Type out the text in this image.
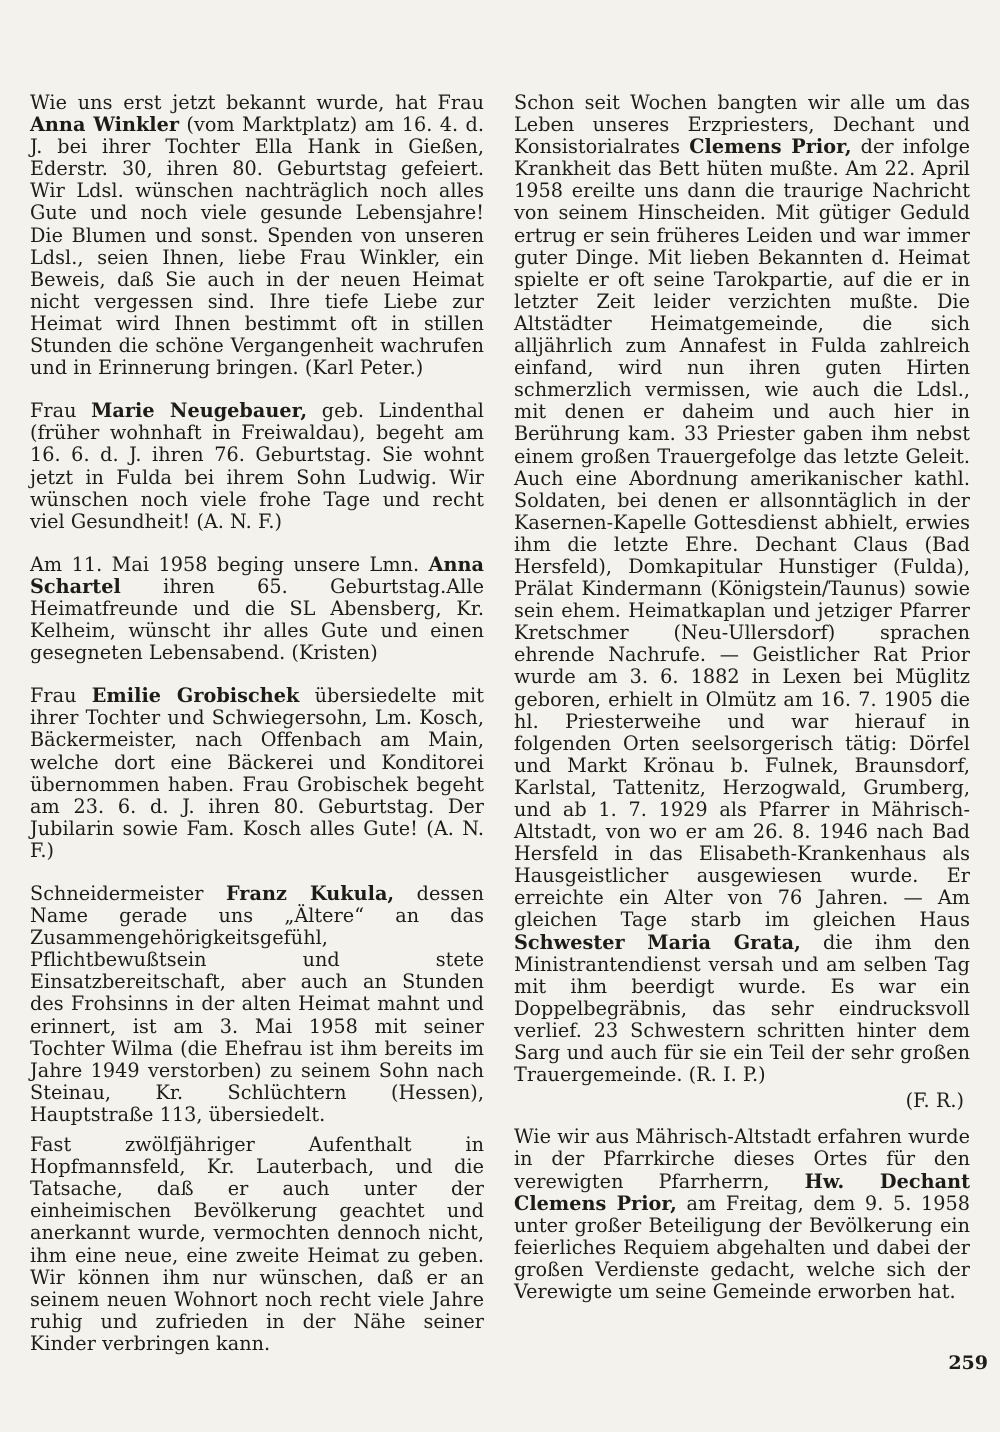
Wie uns erst jetzt bekannt wurde, hat Frau Anna Winkler (vom Marktplatz) am 16. 4. d. J. bei ihrer Tochter Ella Hank in Gießen, Ederstr. 30, ihren 80. Geburtstag gefeiert. Wir Ldsl. wünschen nachträglich noch alles Gute und noch viele gesunde Lebensjahre! Die Blumen und sonst. Spenden von unseren Ldsl., seien Ihnen, liebe Frau Winkler, ein Beweis, daß Sie auch in der neuen Heimat nicht vergessen sind. Ihre tiefe Liebe zur Heimat wird Ihnen bestimmt oft in stillen Stunden die schöne Vergangenheit wachrufen und in Erinnerung bringen. (Karl Peter.)

Frau Marie Neugebauer, geb. Lindenthal (früher wohnhaft in Freiwaldau), begeht am 16. 6. d. J. ihren 76. Geburtstag. Sie wohnt jetzt in Fulda bei ihrem Sohn Ludwig. Wir wünschen noch viele frohe Tage und recht viel Gesundheit! (A. N. F.)

Am 11. Mai 1958 beging unsere Lmn. Anna Schartel ihren 65. Geburtstag.Alle Heimatfreunde und die SL Abensberg, Kr. Kelheim, wünscht ihr alles Gute und einen gesegneten Lebensabend. (Kristen)

Frau Emilie Grobischek übersiedelte mit ihrer Tochter und Schwiegersohn, Lm. Kosch, Bäckermeister, nach Offenbach am Main, welche dort eine Bäckerei und Konditorei übernommen haben. Frau Grobischek begeht am 23. 6. d. J. ihren 80. Geburtstag. Der Jubilarin sowie Fam. Kosch alles Gute! (A. N. F.)

Schneidermeister Franz Kukula, dessen Name gerade uns „Ältere“ an das Zusammengehörigkeitsgefühl, Pflichtbewußtsein und stete Einsatzbereitschaft, aber auch an Stunden des Frohsinns in der alten Heimat mahnt und erinnert, ist am 3. Mai 1958 mit seiner Tochter Wilma (die Ehefrau ist ihm bereits im Jahre 1949 verstorben) zu seinem Sohn nach Steinau, Kr. Schlüchtern (Hessen), Hauptstraße 113, übersiedelt.

Fast zwölfjähriger Aufenthalt in Hopfmannsfeld, Kr. Lauterbach, und die Tatsache, daß er auch unter der einheimischen Bevölkerung geachtet und anerkannt wurde, vermochten dennoch nicht, ihm eine neue, eine zweite Heimat zu geben. Wir können ihm nur wünschen, daß er an seinem neuen Wohnort noch recht viele Jahre ruhig und zufrieden in der Nähe seiner Kinder verbringen kann.

Schon seit Wochen bangten wir alle um das Leben unseres Erzpriesters, Dechant und Konsistorialrates Clemens Prior, der infolge Krankheit das Bett hüten mußte. Am 22. April 1958 ereilte uns dann die traurige Nachricht von seinem Hinscheiden. Mit gütiger Geduld ertrug er sein früheres Leiden und war immer guter Dinge. Mit lieben Bekannten d. Heimat spielte er oft seine Tarokpartie, auf die er in letzter Zeit leider verzichten mußte. Die Altstädter Heimatgemeinde, die sich alljährlich zum Annafest in Fulda zahlreich einfand, wird nun ihren guten Hirten schmerzlich vermissen, wie auch die Ldsl., mit denen er daheim und auch hier in Berührung kam. 33 Priester gaben ihm nebst einem großen Trauergefolge das letzte Geleit. Auch eine Abordnung amerikanischer kathl. Soldaten, bei denen er allsonntäglich in der Kasernen-Kapelle Gottesdienst abhielt, erwies ihm die letzte Ehre. Dechant Claus (Bad Hersfeld), Domkapitular Hunstiger (Fulda), Prälat Kindermann (Königstein/Taunus) sowie sein ehem. Heimatkaplan und jetziger Pfarrer Kretschmer (Neu-Ullersdorf) sprachen ehrende Nachrufe. — Geistlicher Rat Prior wurde am 3. 6. 1882 in Lexen bei Müglitz geboren, erhielt in Olmütz am 16. 7. 1905 die hl. Priesterweihe und war hierauf in folgenden Orten seelsorgerisch tätig: Dörfel und Markt Krönau b. Fulnek, Braunsdorf, Karlstal, Tattenitz, Herzogwald, Grumberg, und ab 1. 7. 1929 als Pfarrer in Mährisch-Altstadt, von wo er am 26. 8. 1946 nach Bad Hersfeld in das Elisabeth-Krankenhaus als Hausgeistlicher ausgewiesen wurde. Er erreichte ein Alter von 76 Jahren. — Am gleichen Tage starb im gleichen Haus Schwester Maria Grata, die ihm den Ministrantendienst versah und am selben Tag mit ihm beerdigt wurde. Es war ein Doppelbegräbnis, das sehr eindrucksvoll verlief. 23 Schwestern schritten hinter dem Sarg und auch für sie ein Teil der sehr großen Trauergemeinde. (R. I. P.)

(F. R.)

Wie wir aus Mährisch-Altstadt erfahren wurde in der Pfarrkirche dieses Ortes für den verewigten Pfarrherrn, Hw. Dechant Clemens Prior, am Freitag, dem 9. 5. 1958 unter großer Beteiligung der Bevölkerung ein feierliches Requiem abgehalten und dabei der großen Verdienste gedacht, welche sich der Verewigte um seine Gemeinde erworben hat.

259
